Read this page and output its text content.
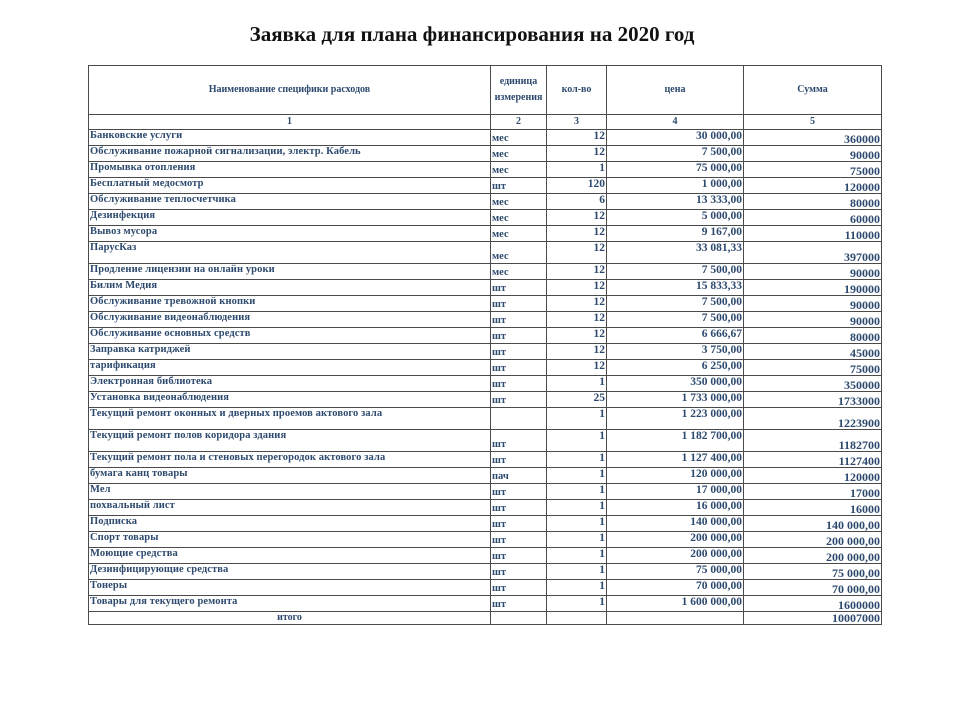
Заявка для плана финансирования на 2020 год
Наименование специфики расходов	единица измерения	кол-во	цена	Сумма
1	2	3	4	5
Банковские услуги	мес	12	30 000,00	360000
Обслуживание пожарной сигнализации, электр. Кабель	мес	12	7 500,00	90000
Промывка отопления	мес	1	75 000,00	75000
Бесплатный медосмотр	шт	120	1 000,00	120000
Обслуживание теплосчетчика	мес	6	13 333,00	80000
Дезинфекция	мес	12	5 000,00	60000
Вывоз мусора	мес	12	9 167,00	110000
ПарусКаз	мес	12	33 081,33	397000
Продление лицензии на онлайн уроки	мес	12	7 500,00	90000
Билим Медия	шт	12	15 833,33	190000
Обслуживание тревожной кнопки	шт	12	7 500,00	90000
Обслуживание видеонаблюдения	шт	12	7 500,00	90000
Обслуживание основных средств	шт	12	6 666,67	80000
Заправка катриджей	шт	12	3 750,00	45000
тарификация	шт	12	6 250,00	75000
Электронная библиотека	шт	1	350 000,00	350000
Установка видеонаблюдения	шт	25	1 733 000,00	1733000
Текущий ремонт оконных и дверных проемов актового зала		1	1 223 000,00	1223900
Текущий ремонт полов коридора здания	шт	1	1 182 700,00	1182700
Текущий ремонт пола и стеновых перегородок актового зала	шт	1	1 127 400,00	1127400
бумага канц товары	пач	1	120 000,00	120000
Мел	шт	1	17 000,00	17000
похвальный лист	шт	1	16 000,00	16000
Подписка	шт	1	140 000,00	140 000,00
Спорт товары	шт	1	200 000,00	200 000,00
Моющие средства	шт	1	200 000,00	200 000,00
Дезинфицирующие средства	шт	1	75 000,00	75 000,00
Тонеры	шт	1	70 000,00	70 000,00
Товары для текущего ремонта	шт	1	1 600 000,00	1600000
итого				10007000
